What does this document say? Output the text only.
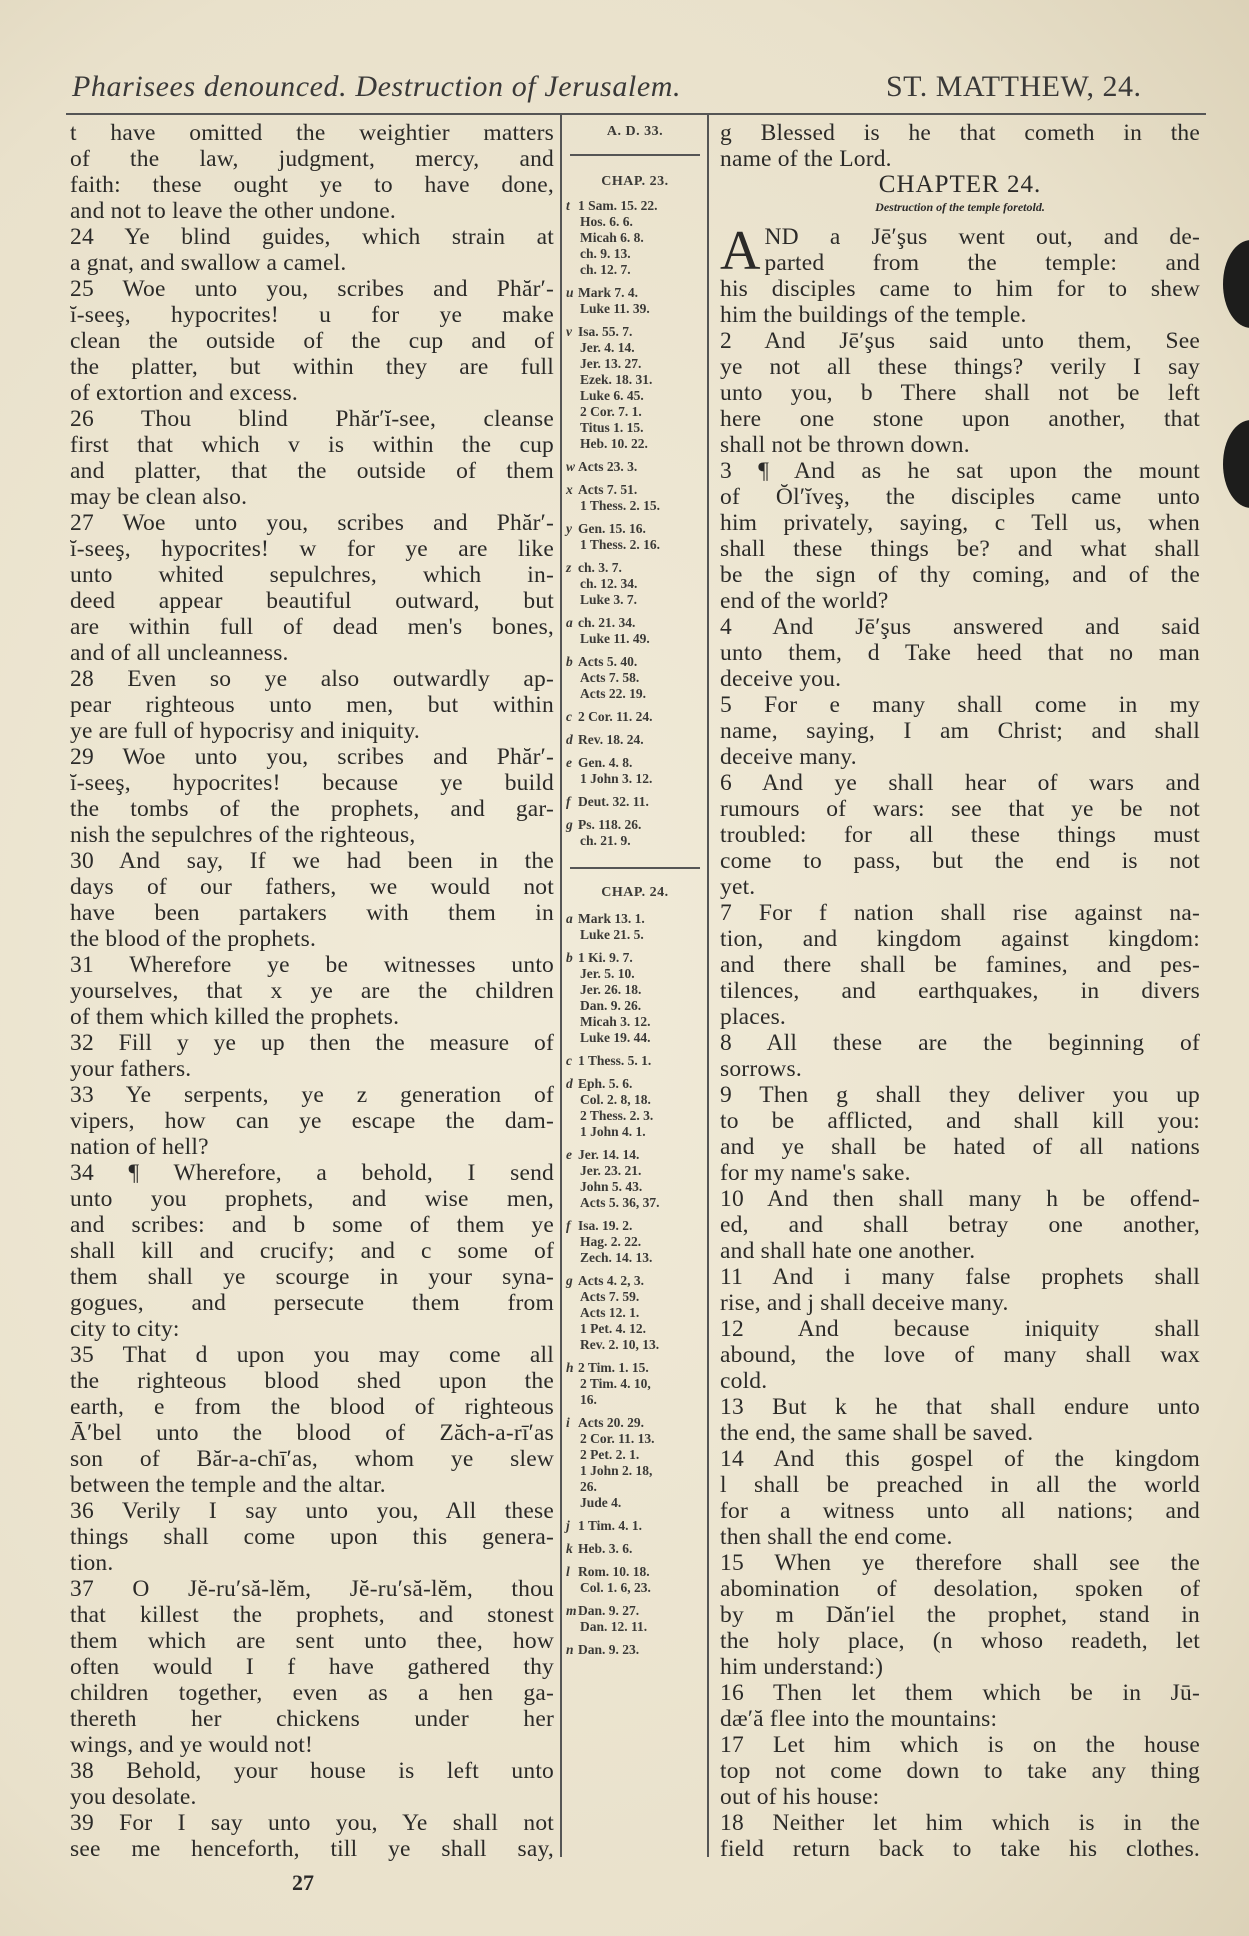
Pharisees denounced. Destruction of Jerusalem.	ST. MATTHEW, 24.
t have omitted the weightier matters
of the law, judgment, mercy, and
faith: these ought ye to have done,
and not to leave the other undone.
24 Ye blind guides, which strain at
a gnat, and swallow a camel.
25 Woe unto you, scribes and Phăr′-
ĭ-seeş, hypocrites! u for ye make
clean the outside of the cup and of
the platter, but within they are full
of extortion and excess.
26 Thou blind Phăr′ĭ-see, cleanse
first that which v is within the cup
and platter, that the outside of them
may be clean also.
27 Woe unto you, scribes and Phăr′-
ĭ-seeş, hypocrites! w for ye are like
unto whited sepulchres, which in-
deed appear beautiful outward, but
are within full of dead men's bones,
and of all uncleanness.
28 Even so ye also outwardly ap-
pear righteous unto men, but within
ye are full of hypocrisy and iniquity.
29 Woe unto you, scribes and Phăr′-
ĭ-seeş, hypocrites! because ye build
the tombs of the prophets, and gar-
nish the sepulchres of the righteous,
30 And say, If we had been in the
days of our fathers, we would not
have been partakers with them in
the blood of the prophets.
31 Wherefore ye be witnesses unto
yourselves, that x ye are the children
of them which killed the prophets.
32 Fill y ye up then the measure of
your fathers.
33 Ye serpents, ye z generation of
vipers, how can ye escape the dam-
nation of hell?
34 ¶ Wherefore, a behold, I send
unto you prophets, and wise men,
and scribes: and b some of them ye
shall kill and crucify; and c some of
them shall ye scourge in your syna-
gogues, and persecute them from
city to city:
35 That d upon you may come all
the righteous blood shed upon the
earth, e from the blood of righteous
Ā′bel unto the blood of Zăch-a-rī′as
son of Băr-a-chī′as, whom ye slew
between the temple and the altar.
36 Verily I say unto you, All these
things shall come upon this genera-
tion.
37 O Jĕ-ru′să-lĕm, Jĕ-ru′să-lĕm, thou
that killest the prophets, and stonest
them which are sent unto thee, how
often would I f have gathered thy
children together, even as a hen ga-
thereth her chickens under her
wings, and ye would not!
38 Behold, your house is left unto
you desolate.
39 For I say unto you, Ye shall not
see me henceforth, till ye shall say,
A. D. 33.
CHAP. 23.
t 1 Sam. 15. 22.
Hos. 6. 6.
Micah 6. 8.
ch. 9. 13.
ch. 12. 7.
u Mark 7. 4.
Luke 11. 39.
v Isa. 55. 7.
Jer. 4. 14.
Jer. 13. 27.
Ezek. 18. 31.
Luke 6. 45.
2 Cor. 7. 1.
Titus 1. 15.
Heb. 10. 22.
w Acts 23. 3.
x Acts 7. 51.
1 Thess. 2. 15.
y Gen. 15. 16.
1 Thess. 2. 16.
z ch. 3. 7.
ch. 12. 34.
Luke 3. 7.
a ch. 21. 34.
Luke 11. 49.
b Acts 5. 40.
Acts 7. 58.
Acts 22. 19.
c 2 Cor. 11. 24.
d Rev. 18. 24.
e Gen. 4. 8.
1 John 3. 12.
f Deut. 32. 11.
g Ps. 118. 26.
ch. 21. 9.
CHAP. 24.
a Mark 13. 1.
Luke 21. 5.
b 1 Ki. 9. 7.
Jer. 5. 10.
Jer. 26. 18.
Dan. 9. 26.
Micah 3. 12.
Luke 19. 44.
c 1 Thess. 5. 1.
d Eph. 5. 6.
Col. 2. 8, 18.
2 Thess. 2. 3.
1 John 4. 1.
e Jer. 14. 14.
Jer. 23. 21.
John 5. 43.
Acts 5. 36, 37.
f Isa. 19. 2.
Hag. 2. 22.
Zech. 14. 13.
g Acts 4. 2, 3.
Acts 7. 59.
Acts 12. 1.
1 Pet. 4. 12.
Rev. 2. 10, 13.
h 2 Tim. 1. 15.
2 Tim. 4. 10,
16.
i Acts 20. 29.
2 Cor. 11. 13.
2 Pet. 2. 1.
1 John 2. 18,
26.
Jude 4.
j 1 Tim. 4. 1.
k Heb. 3. 6.
l Rom. 10. 18.
Col. 1. 6, 23.
mDan. 9. 27.
Dan. 12. 11.
n Dan. 9. 23.
g Blessed is he that cometh in the
name of the Lord.
CHAPTER 24.
Destruction of the temple foretold.
A ND a Jē′şus went out, and de-
parted from the temple: and
his disciples came to him for to shew
him the buildings of the temple.
2 And Jē′şus said unto them, See
ye not all these things? verily I say
unto you, b There shall not be left
here one stone upon another, that
shall not be thrown down.
3 ¶ And as he sat upon the mount
of Ŏl′ĭveş, the disciples came unto
him privately, saying, c Tell us, when
shall these things be? and what shall
be the sign of thy coming, and of the
end of the world?
4 And Jē′şus answered and said
unto them, d Take heed that no man
deceive you.
5 For e many shall come in my
name, saying, I am Christ; and shall
deceive many.
6 And ye shall hear of wars and
rumours of wars: see that ye be not
troubled: for all these things must
come to pass, but the end is not
yet.
7 For f nation shall rise against na-
tion, and kingdom against kingdom:
and there shall be famines, and pes-
tilences, and earthquakes, in divers
places.
8 All these are the beginning of
sorrows.
9 Then g shall they deliver you up
to be afflicted, and shall kill you:
and ye shall be hated of all nations
for my name's sake.
10 And then shall many h be offend-
ed, and shall betray one another,
and shall hate one another.
11 And i many false prophets shall
rise, and j shall deceive many.
12 And because iniquity shall
abound, the love of many shall wax
cold.
13 But k he that shall endure unto
the end, the same shall be saved.
14 And this gospel of the kingdom
l shall be preached in all the world
for a witness unto all nations; and
then shall the end come.
15 When ye therefore shall see the
abomination of desolation, spoken of
by m Dăn′iel the prophet, stand in
the holy place, (n whoso readeth, let
him understand:)
16 Then let them which be in Jū-
dæ′ă flee into the mountains:
17 Let him which is on the house
top not come down to take any thing
out of his house:
18 Neither let him which is in the
field return back to take his clothes.
27
